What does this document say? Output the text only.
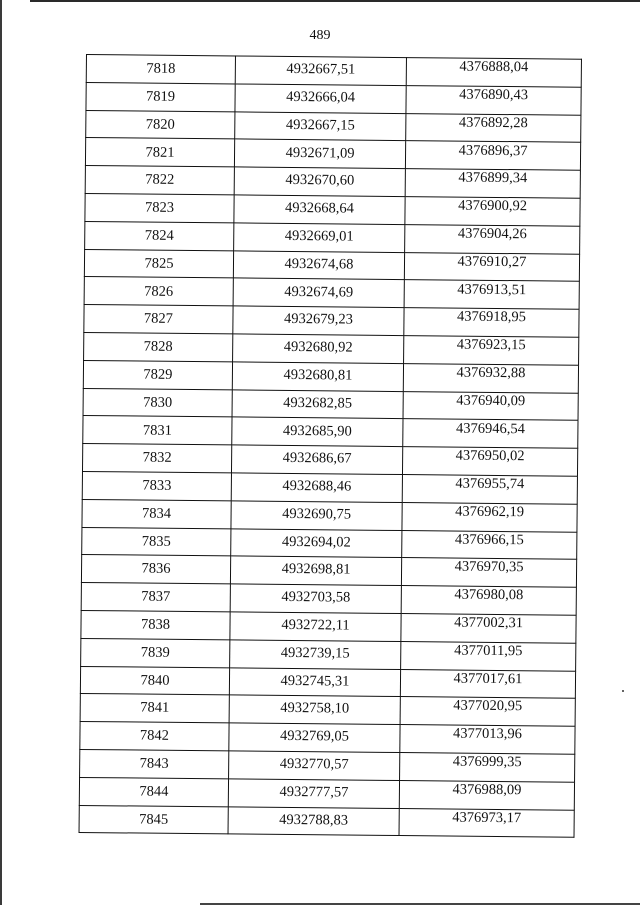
489
7818	4932667,51	4376888,04
7819	4932666,04	4376890,43
7820	4932667,15	4376892,28
7821	4932671,09	4376896,37
7822	4932670,60	4376899,34
7823	4932668,64	4376900,92
7824	4932669,01	4376904,26
7825	4932674,68	4376910,27
7826	4932674,69	4376913,51
7827	4932679,23	4376918,95
7828	4932680,92	4376923,15
7829	4932680,81	4376932,88
7830	4932682,85	4376940,09
7831	4932685,90	4376946,54
7832	4932686,67	4376950,02
7833	4932688,46	4376955,74
7834	4932690,75	4376962,19
7835	4932694,02	4376966,15
7836	4932698,81	4376970,35
7837	4932703,58	4376980,08
7838	4932722,11	4377002,31
7839	4932739,15	4377011,95
7840	4932745,31	4377017,61
7841	4932758,10	4377020,95
7842	4932769,05	4377013,96
7843	4932770,57	4376999,35
7844	4932777,57	4376988,09
7845	4932788,83	4376973,17
